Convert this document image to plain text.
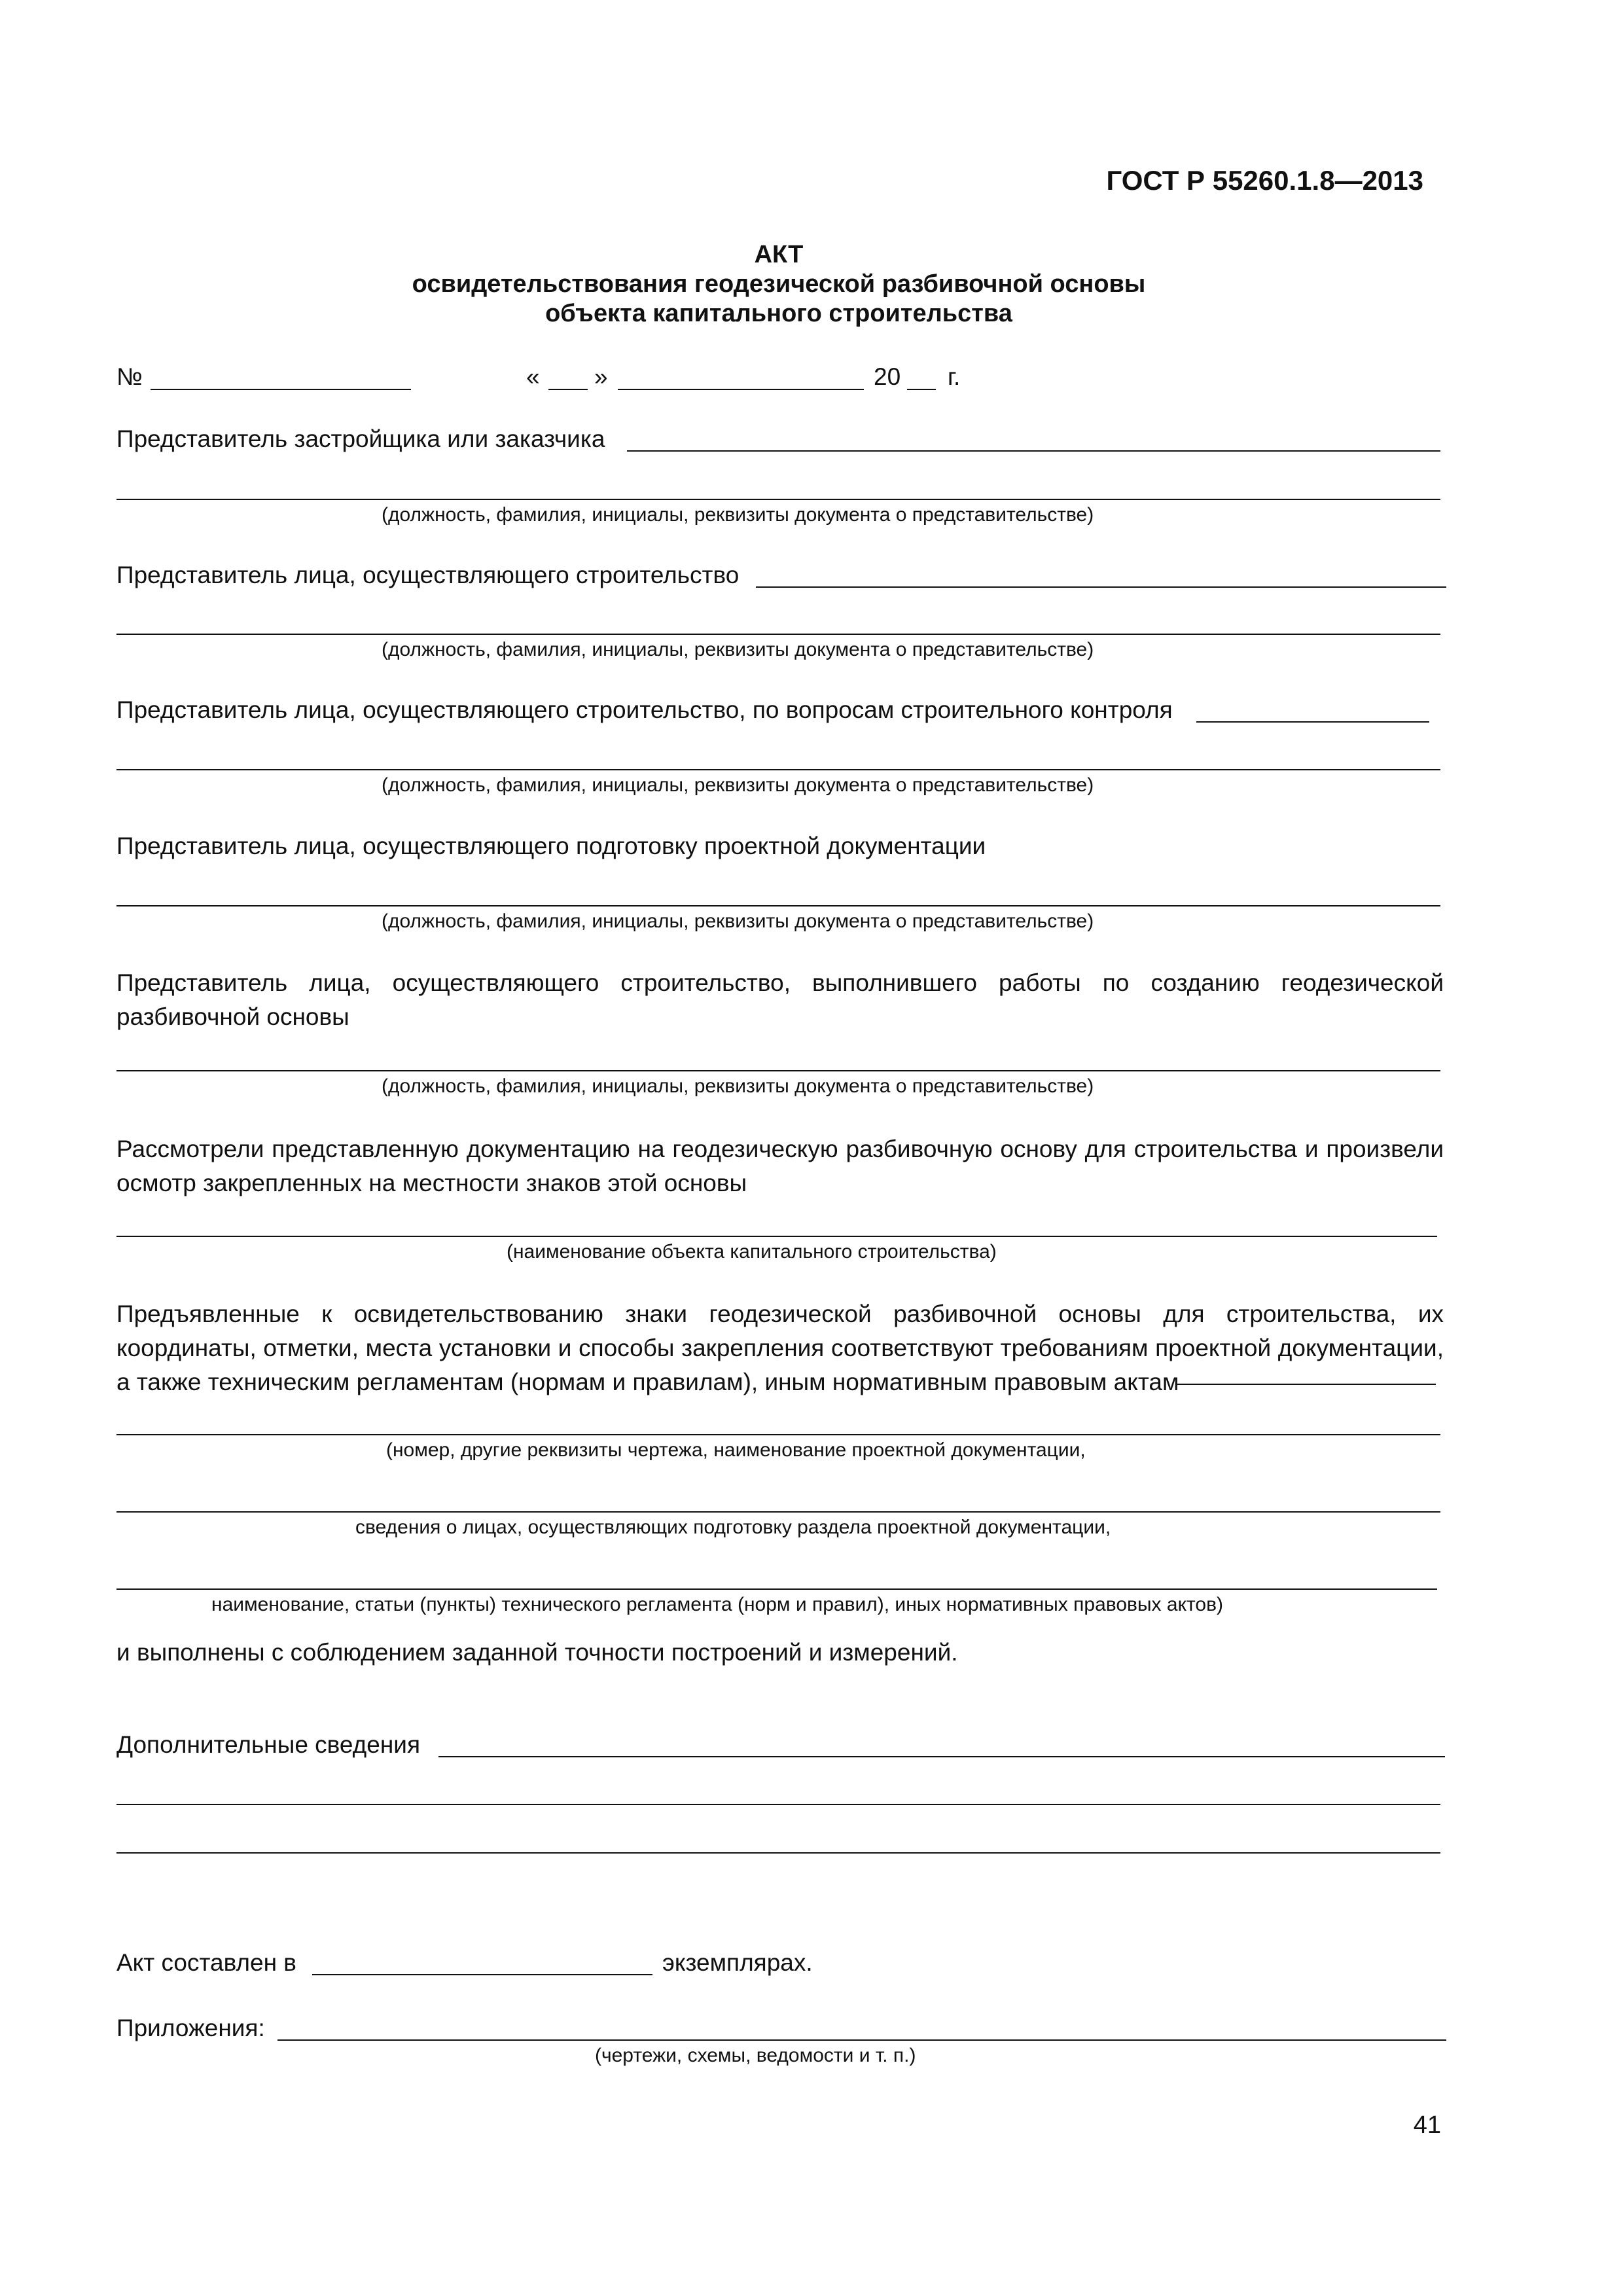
ГОСТ Р 55260.1.8—2013
АКТ
освидетельствования геодезической разбивочной основы
объекта капитального строительства
№	« »	20 г.
Представитель застройщика или заказчика
(должность, фамилия, инициалы, реквизиты документа о представительстве)
Представитель лица, осуществляющего строительство
(должность, фамилия, инициалы, реквизиты документа о представительстве)
Представитель лица, осуществляющего строительство, по вопросам строительного контроля
(должность, фамилия, инициалы, реквизиты документа о представительстве)
Представитель лица, осуществляющего подготовку проектной документации
(должность, фамилия, инициалы, реквизиты документа о представительстве)
Представитель лица, осуществляющего строительство, выполнившего работы по созданию геодезической разбивочной основы
(должность, фамилия, инициалы, реквизиты документа о представительстве)
Рассмотрели представленную документацию на геодезическую разбивочную основу для строительства и произвели осмотр закрепленных на местности знаков этой основы
(наименование объекта капитального строительства)
Предъявленные к освидетельствованию знаки геодезической разбивочной основы для строительства, их координаты, отметки, места установки и способы закрепления соответствуют требованиям проектной документации, а также техническим регламентам (нормам и правилам), иным нормативным правовым актам
(номер, другие реквизиты чертежа, наименование проектной документации,
сведения о лицах, осуществляющих подготовку раздела проектной документации,
наименование, статьи (пункты) технического регламента (норм и правил), иных нормативных правовых актов)
и выполнены с соблюдением заданной точности построений и измерений.
Дополнительные сведения
Акт составлен в	экземплярах.
Приложения:
(чертежи, схемы, ведомости и т. п.)
41
